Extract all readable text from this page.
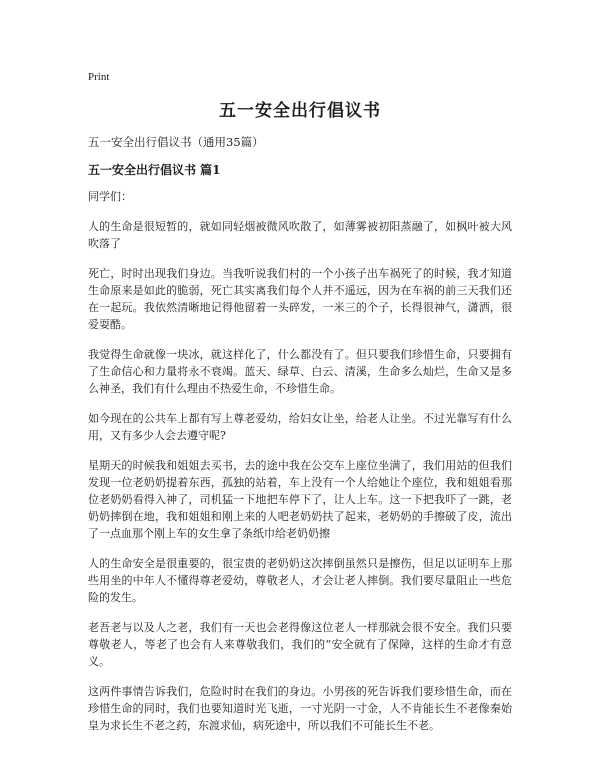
Print
五一安全出行倡议书

五一安全出行倡议书（通用35篇）

五一安全出行倡议书 篇1

同学们：

人的生命是很短暂的，就如同轻烟被微风吹散了，如薄雾被初阳蒸融了，如枫叶被大风吹落了

死亡，时时出现我们身边。当我听说我们村的一个小孩子出车祸死了的时候，我才知道生命原来是如此的脆弱，死亡其实离我们每个人并不遥远，因为在车祸的前三天我们还在一起玩。我依然清晰地记得他留着一头碎发，一米三的个子，长得很神气，潇洒，很爱耍酷。

我觉得生命就像一块冰，就这样化了，什么都没有了。但只要我们珍惜生命，只要拥有了生命信心和力量将永不衰竭。蓝天、绿草、白云、清溪，生命多么灿烂，生命又是多么神圣，我们有什么理由不热爱生命，不珍惜生命。

如今现在的公共车上都有写上尊老爱幼，给妇女让坐，给老人让坐。不过光靠写有什么用，又有多少人会去遵守呢?

星期天的时候我和姐姐去买书，去的途中我在公交车上座位坐满了，我们用站的但我们发现一位老奶奶提着东西，孤独的站着，车上没有一个人给她让个座位，我和姐姐看那位老奶奶看得入神了，司机猛一下地把车停下了，让人上车。这一下把我吓了一跳，老奶奶摔倒在地，我和姐姐和刚上来的人吧老奶奶扶了起来，老奶奶的手擦破了皮，流出了一点血那个刚上车的女生拿了条纸巾给老奶奶擦

人的生命安全是很重要的，很宝贵的老奶奶这次摔倒虽然只是擦伤，但足以证明车上那些用坐的中年人不懂得尊老爱幼，尊敬老人，才会让老人摔倒。我们要尽量阻止一些危险的发生。

老吾老与以及人之老，我们有一天也会老得像这位老人一样那就会很不安全。我们只要尊敬老人，等老了也会有人来尊敬我们，我们的“安全就有了保障，这样的生命才有意义。

这两件事情告诉我们，危险时时在我们的身边。小男孩的死告诉我们要珍惜生命，而在珍惜生命的同时，我们也要知道时光飞逝，一寸光阴一寸金，人不肯能长生不老像秦始皇为求长生不老之药，东渡求仙，病死途中，所以我们不可能长生不老。
